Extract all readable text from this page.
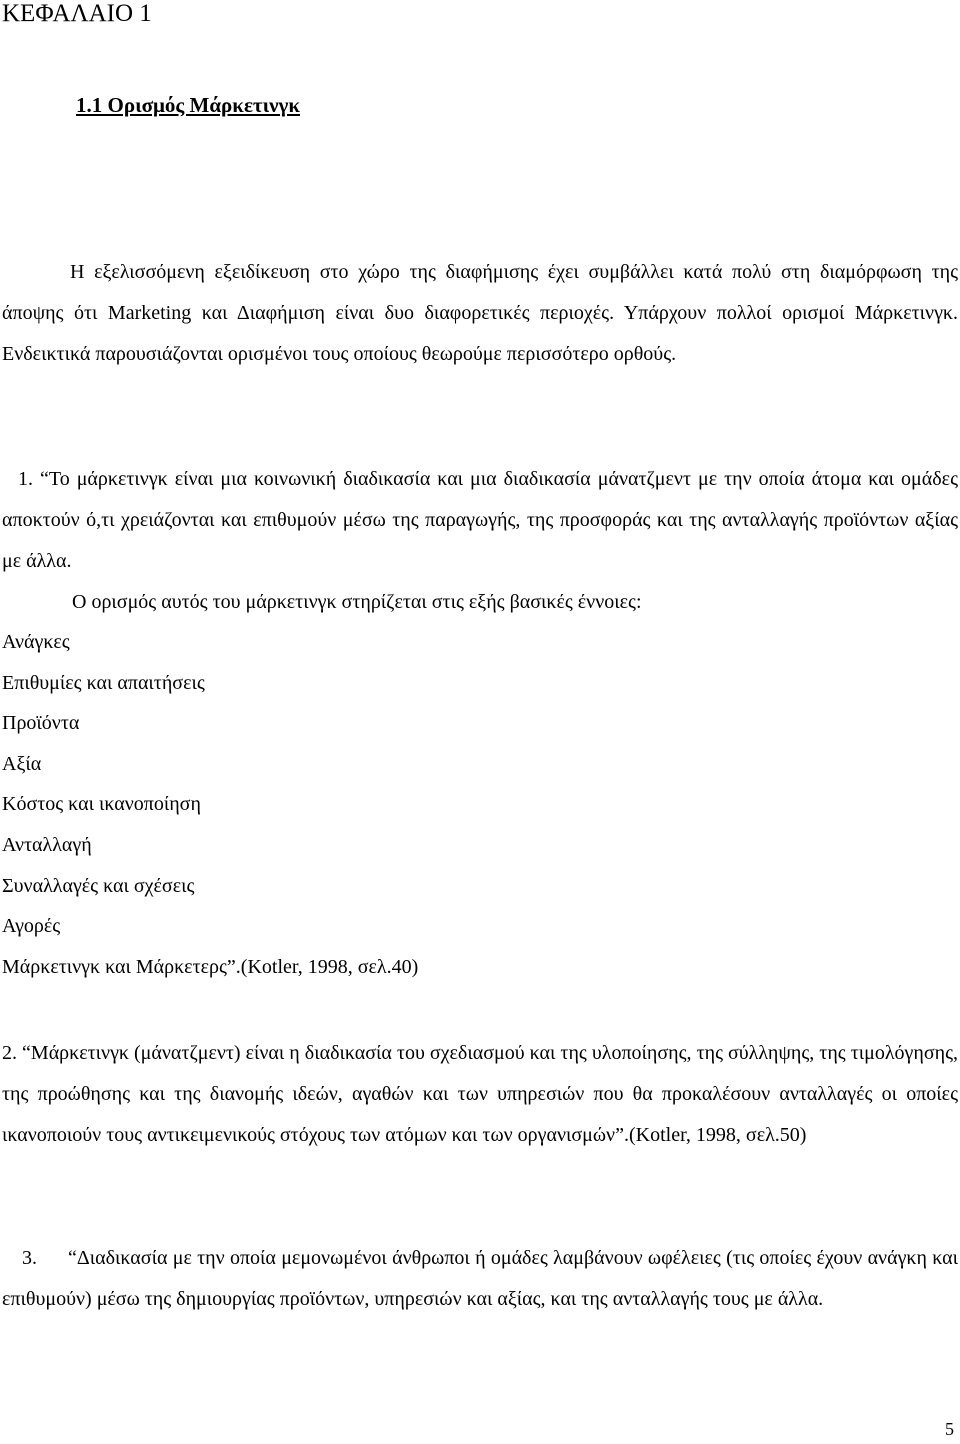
ΚΕΦΑΛΑΙΟ 1
1.1 Ορισμός Μάρκετινγκ

Η εξελισσόμενη εξειδίκευση στο χώρο της διαφήμισης έχει συμβάλλει κατά πολύ στη διαμόρφωση της άποψης ότι Marketing και Διαφήμιση είναι δυο διαφορετικές περιοχές. Υπάρχουν πολλοί ορισμοί Μάρκετινγκ. Ενδεικτικά παρουσιάζονται ορισμένοι τους οποίους θεωρούμε περισσότερο ορθούς.

1. “Το μάρκετινγκ είναι μια κοινωνική διαδικασία και μια διαδικασία μάνατζμεντ με την οποία άτομα και ομάδες αποκτούν ό,τι χρειάζονται και επιθυμούν μέσω της παραγωγής, της προσφοράς και της ανταλλαγής προϊόντων αξίας με άλλα.

Ο ορισμός αυτός του μάρκετινγκ στηρίζεται στις εξής βασικές έννοιες:

Ανάγκες
Επιθυμίες και απαιτήσεις
Προϊόντα
Αξία
Κόστος και ικανοποίηση
Ανταλλαγή
Συναλλαγές και σχέσεις
Αγορές
Μάρκετινγκ και Μάρκετερς”.(Kotler, 1998, σελ.40)

2. “Μάρκετινγκ (μάνατζμεντ) είναι η διαδικασία του σχεδιασμού και της υλοποίησης, της σύλληψης, της τιμολόγησης, της προώθησης και της διανομής ιδεών, αγαθών και των υπηρεσιών που θα προκαλέσουν ανταλλαγές οι οποίες ικανοποιούν τους αντικειμενικούς στόχους των ατόμων και των οργανισμών”.(Kotler, 1998, σελ.50)

3. “Διαδικασία με την οποία μεμονωμένοι άνθρωποι ή ομάδες λαμβάνουν ωφέλειες (τις οποίες έχουν ανάγκη και επιθυμούν) μέσω της δημιουργίας προϊόντων, υπηρεσιών και αξίας, και της ανταλλαγής τους με άλλα.

5
